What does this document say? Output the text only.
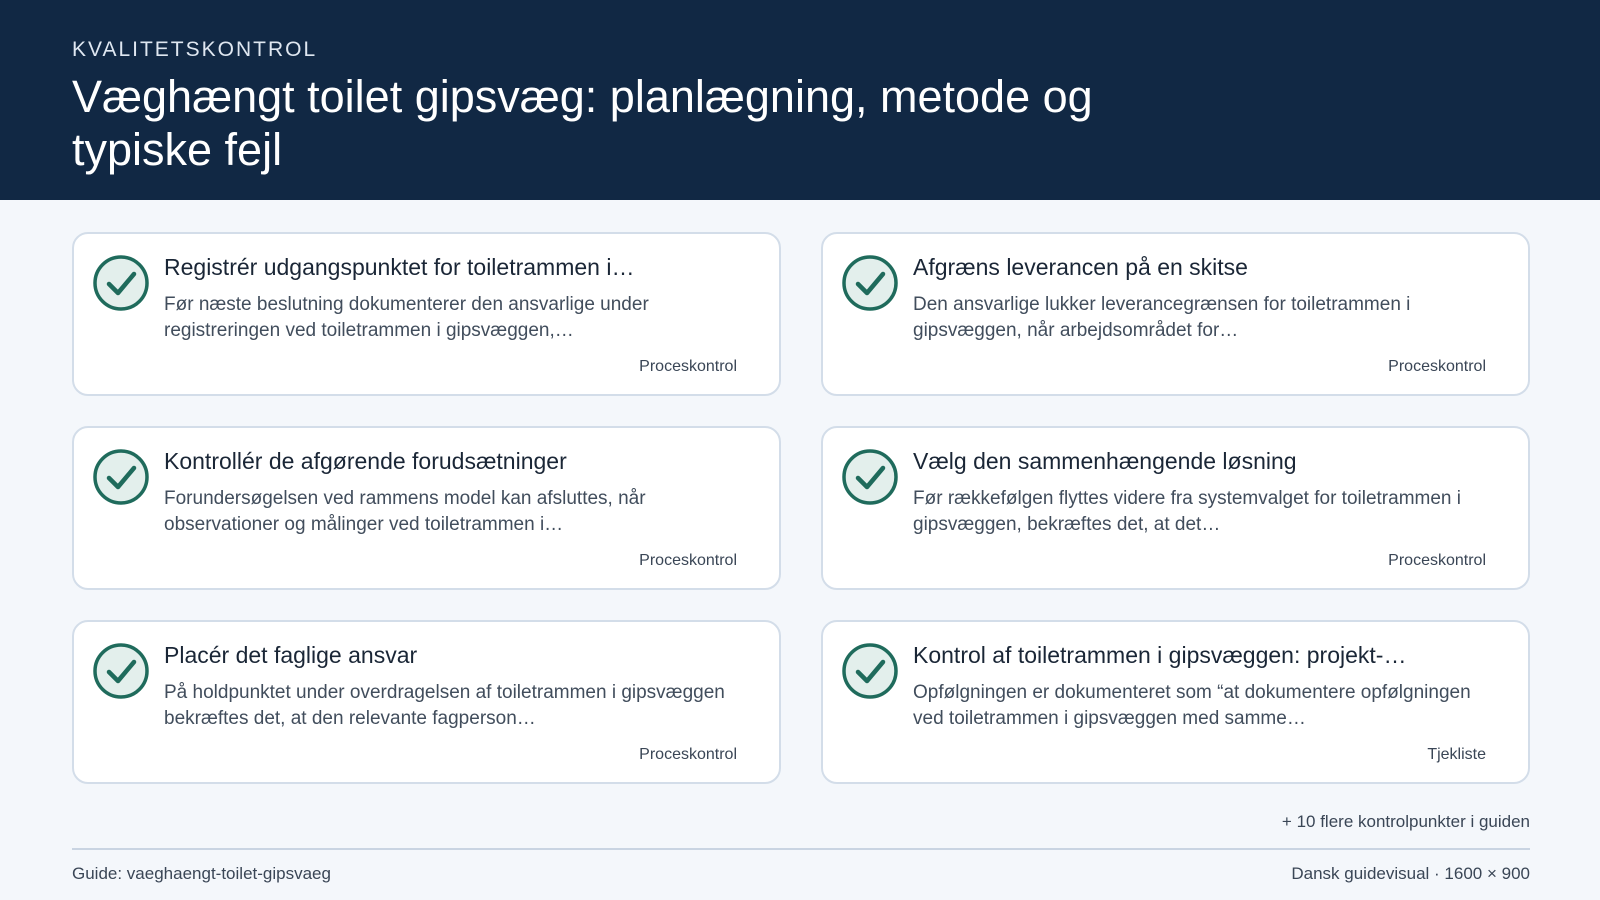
KVALITETSKONTROL
Væghængt toilet gipsvæg: planlægning, metode og typiske fejl
Registrér udgangspunktet for toiletrammen i…
Før næste beslutning dokumenterer den ansvarlige under registreringen ved toiletrammen i gipsvæggen,…
Proceskontrol
Afgræns leverancen på en skitse
Den ansvarlige lukker leverancegrænsen for toiletrammen i gipsvæggen, når arbejdsområdet for…
Proceskontrol
Kontrollér de afgørende forudsætninger
Forundersøgelsen ved rammens model kan afsluttes, når observationer og målinger ved toiletrammen i…
Proceskontrol
Vælg den sammenhængende løsning
Før rækkefølgen flyttes videre fra systemvalget for toiletrammen i gipsvæggen, bekræftes det, at det…
Proceskontrol
Placér det faglige ansvar
På holdpunktet under overdragelsen af toiletrammen i gipsvæggen bekræftes det, at den relevante fagperson…
Proceskontrol
Kontrol af toiletrammen i gipsvæggen: projekt-…
Opfølgningen er dokumenteret som “at dokumentere opfølgningen ved toiletrammen i gipsvæggen med samme…
Tjekliste
+ 10 flere kontrolpunkter i guiden
Guide: vaeghaengt-toilet-gipsvaeg	Dansk guidevisual · 1600 × 900
